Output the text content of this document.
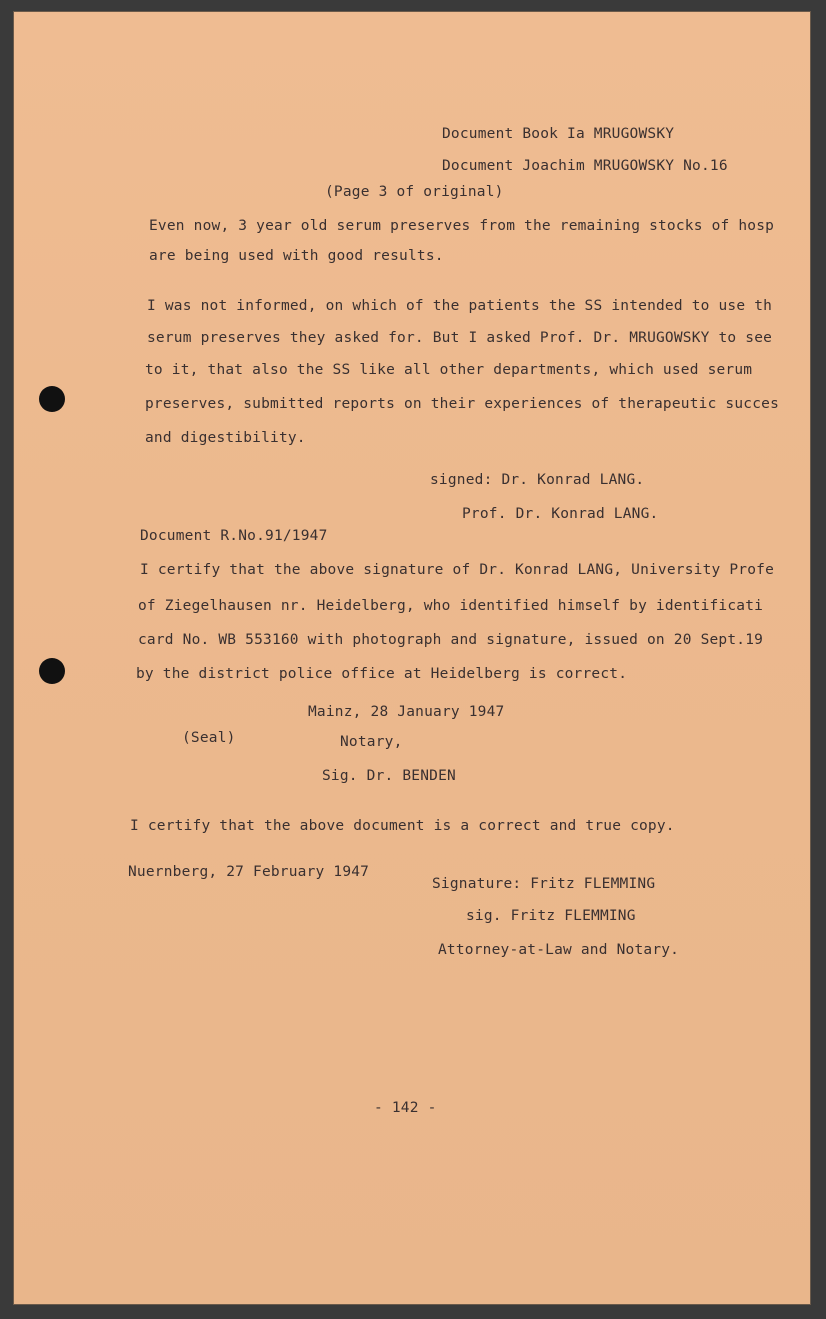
Document Book Ia MRUGOWSKY
Document Joachim MRUGOWSKY No.16
(Page 3 of original)
Even now, 3 year old serum preserves from the remaining stocks of hosp
are being used with good results.
I was not informed, on which of the patients the SS intended to use th
serum preserves they asked for. But I asked Prof. Dr. MRUGOWSKY to see
to it, that also the SS like all other departments, which used serum
preserves, submitted reports on their experiences of therapeutic succes
and digestibility.
signed: Dr. Konrad LANG.
Prof. Dr. Konrad LANG.
Document R.No.91/1947
I certify that the above signature of Dr. Konrad LANG, University Profe
of Ziegelhausen nr. Heidelberg, who identified himself by identificati
card No. WB 553160 with photograph and signature, issued on 20 Sept.19
by the district police office at Heidelberg is correct.
Mainz, 28 January 1947
(Seal)	Notary,
Sig. Dr. BENDEN
I certify that the above document is a correct and true copy.
Nuernberg, 27 February 1947
Signature: Fritz FLEMMING
sig. Fritz FLEMMING
Attorney-at-Law and Notary.
- 142 -
